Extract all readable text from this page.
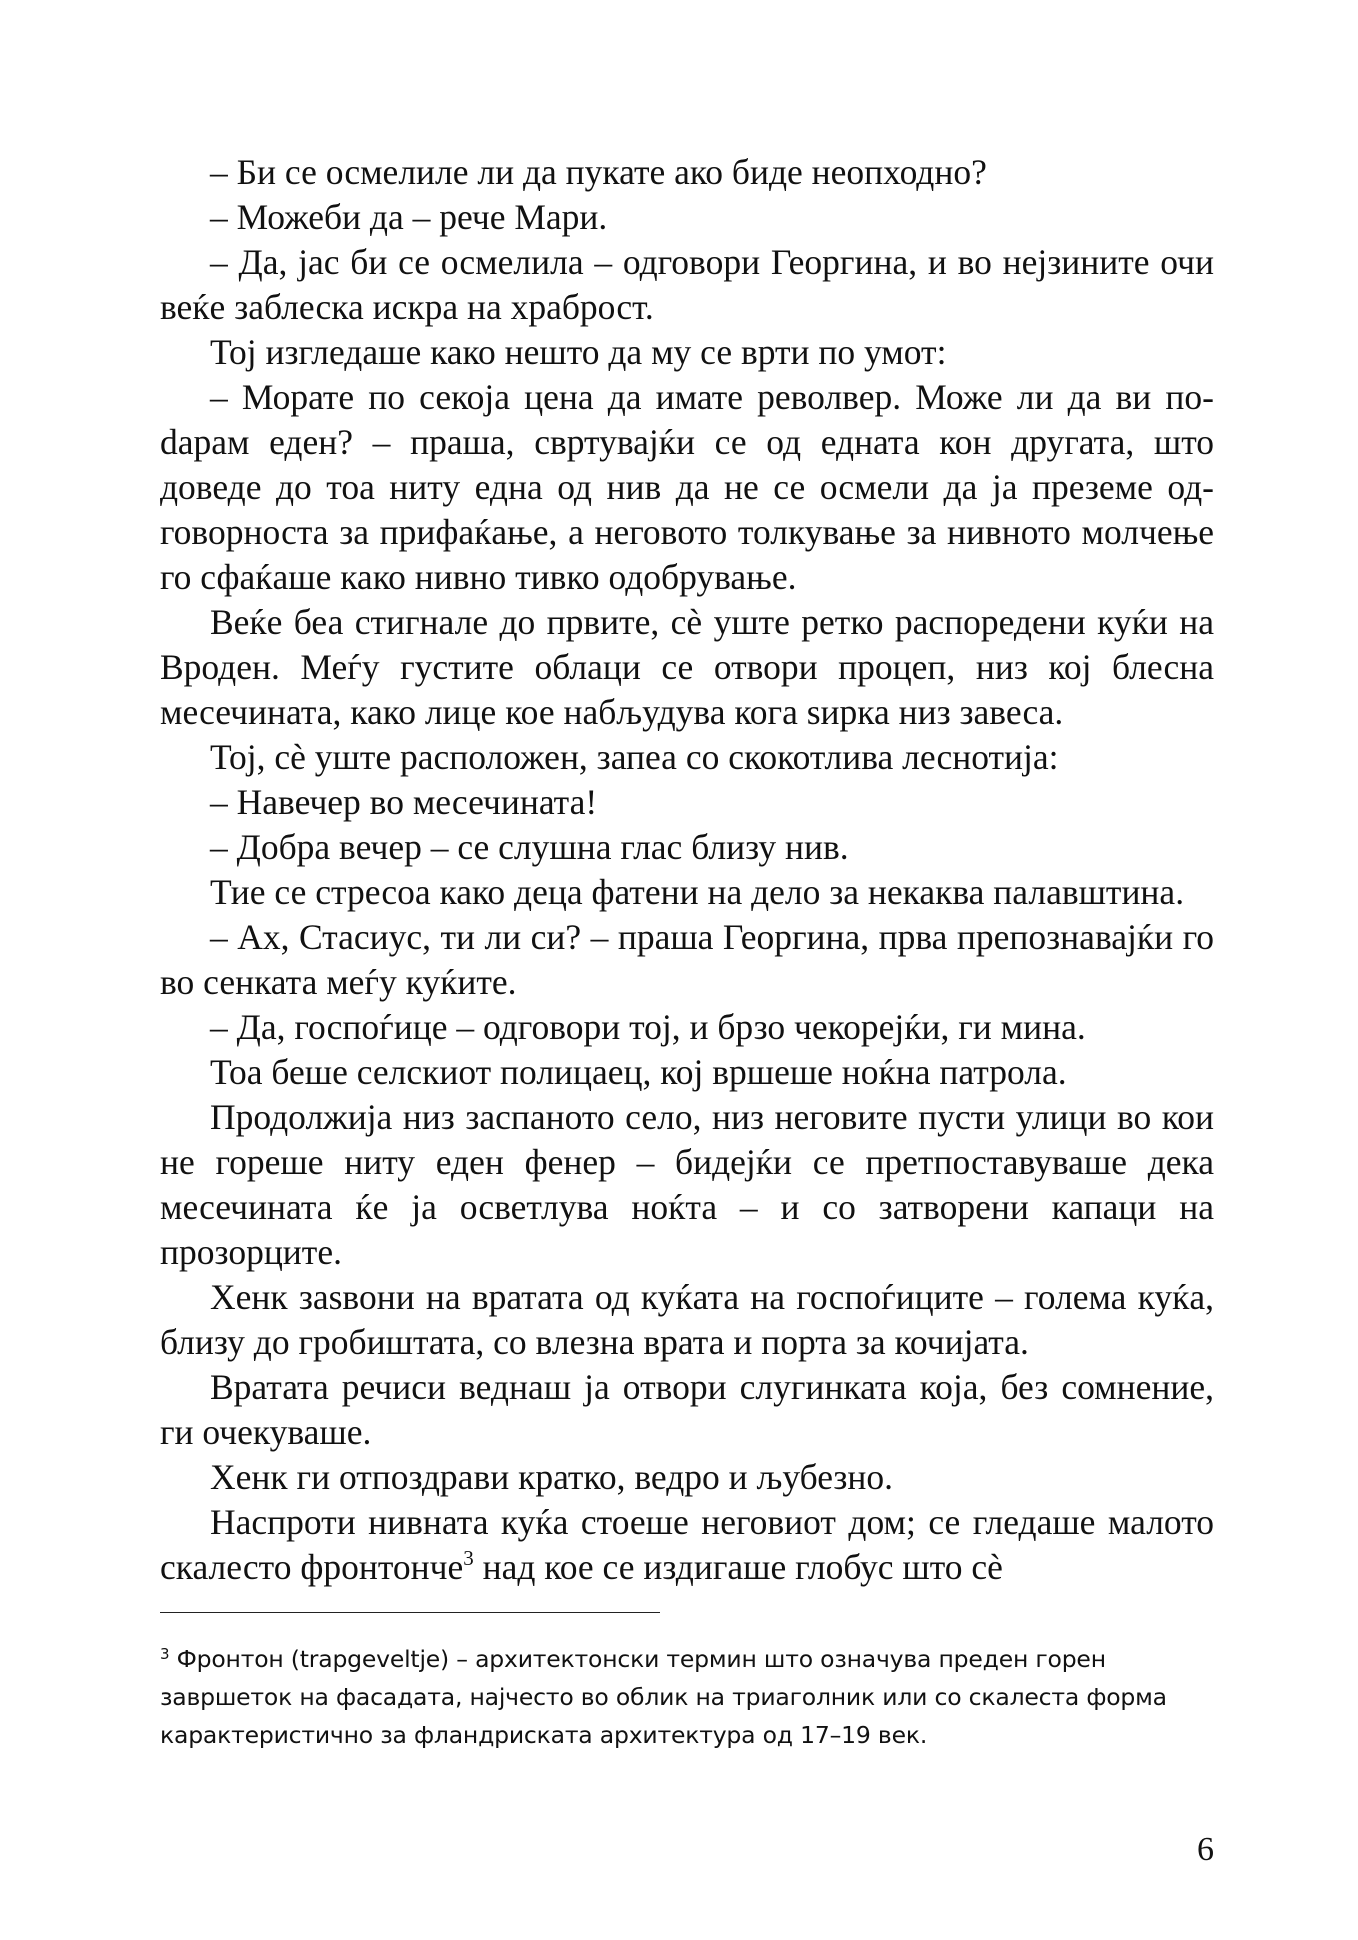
– Би се осмелиле ли да пукате ако биде неопходно?

– Можеби да – рече Мари.

– Да, јас би се осмелила – одговори Георгина, и во нејзините очи веќе заблеска искра на храброст.

Тој изгледаше како нешто да му се врти по умот:

– Морате по секоја цена да имате револвер. Може ли да ви поdарам еден? – праша, свртувајќи се од едната кон другата, што доведе до тоа ниту една од нив да не се осмели да ја преземе одговорноста за прифаќање, а неговото толкување за нивното молчење го сфаќаше како нивно тивко одобрување.

Веќе беа стигнале до првите, сè уште ретко распоредени куќи на Вроден. Меѓу густите облаци се отвори процеп, низ кој блесна месечината, како лице кое набљудува кога ѕирка низ завеса.

Тој, сè уште расположен, запеа со скокотлива леснотија:

– Навечер во месечината!

– Добра вечер – се слушна глас близу нив.

Тие се стресоа како деца фатени на дело за некаква палавштина.

– Ах, Стасиус, ти ли си? – праша Георгина, прва препознавајќи го во сенката меѓу куќите.

– Да, госпоѓице – одговори тој, и брзо чекорејќи, ги мина.

Тоа беше селскиот полицаец, кој вршеше ноќна патрола.

Продолжија низ заспаното село, низ неговите пусти улици во кои не гореше ниту еден фенер – бидејќи се претпоставуваше дека месечината ќе ја осветлува ноќта – и со затворени капаци на прозорците.

Хенк заѕвони на вратата од куќата на госпоѓиците – голема куќа, близу до гробиштата, со влезна врата и порта за кочијата.

Вратата речиси веднаш ја отвори слугинката која, без сомнение, ги очекуваше.

Хенк ги отпоздрави кратко, ведро и љубезно.

Наспроти нивната куќа стоеше неговиот дом; се гледаше малото скалесто фронтонче$^3$ над кое се издигаше глобус што сè

$^3$ Фронтон (trapgeveltje) – архитектонски термин што означува преден горен завршеток на фасадата, најчесто во облик на триаголник или со скалеста форма карактеристично за фландриската архитектура од 17–19 век.

6
